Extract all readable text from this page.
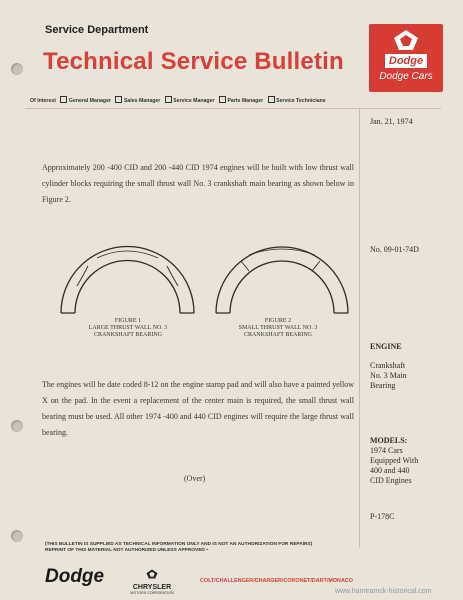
Service Department
Technical Service Bulletin	Dodge
Dodge Cars
Of Interest General Manager Sales Manager Service Manager Parts Manager Service Technicians
Jan. 21, 1974
No. 09-01-74D
ENGINE
Crankshaft
No. 3 Main
Bearing
MODELS:
1974 Cars
Equipped With
400 and 440
CID Engines
P-178C
Approximately 200 -400 CID and 200 -440 CID 1974 engines will be built with low thrust wall cylinder blocks requiring the small thrust wall No. 3 crankshaft main bearing as shown below in Figure 2.
FIGURE 1
LARGE THRUST WALL NO. 3
CRANKSHAFT BEARING
FIGURE 2
SMALL THRUST WALL NO. 3
CRANKSHAFT BEARING
The engines will be date coded 8-12 on the engine stamp pad and will also have a painted yellow X on the pad. In the event a replacement of the center main is required, the small thrust wall bearing must be used. All other 1974 -400 and 440 CID engines will require the large thrust wall bearing.
(Over)
(THIS BULLETIN IS SUPPLIED AS TECHNICAL INFORMATION ONLY AND IS NOT AN AUTHORIZATION FOR REPAIRS)
REPRINT OF THIS MATERIAL NOT AUTHORIZED UNLESS APPROVED •
Dodge
CHRYSLER
MOTORS CORPORATION
COLT/CHALLENGER/CHARGER/CORONET/DART/MONACO
www.hamtramck-historical.com
